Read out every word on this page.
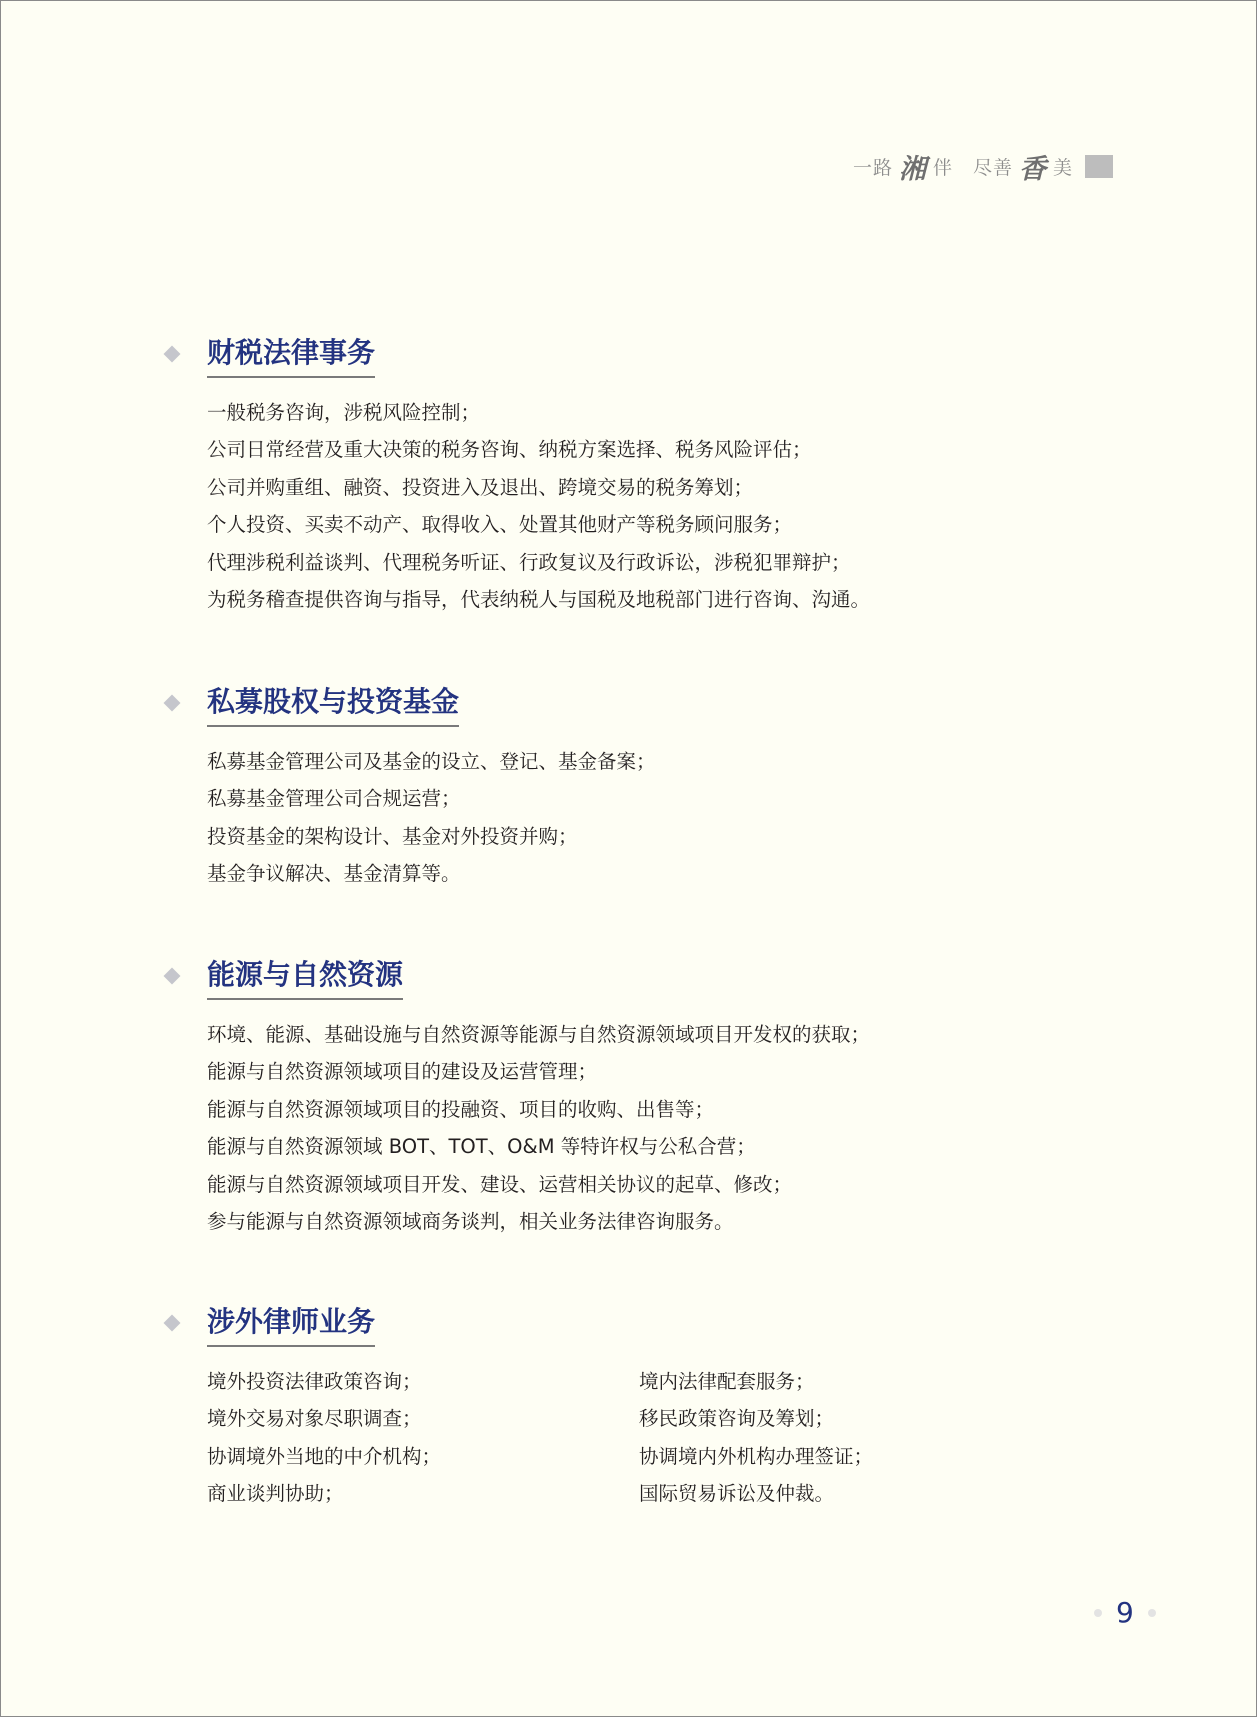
一路 湘 伴 尽善 香 美
财税法律事务
一般税务咨询，涉税风险控制；
公司日常经营及重大决策的税务咨询、纳税方案选择、税务风险评估；
公司并购重组、融资、投资进入及退出、跨境交易的税务筹划；
个人投资、买卖不动产、取得收入、处置其他财产等税务顾问服务；
代理涉税利益谈判、代理税务听证、行政复议及行政诉讼，涉税犯罪辩护；
为税务稽查提供咨询与指导，代表纳税人与国税及地税部门进行咨询、沟通。
私募股权与投资基金
私募基金管理公司及基金的设立、登记、基金备案；
私募基金管理公司合规运营；
投资基金的架构设计、基金对外投资并购；
基金争议解决、基金清算等。
能源与自然资源
环境、能源、基础设施与自然资源等能源与自然资源领域项目开发权的获取；
能源与自然资源领域项目的建设及运营管理；
能源与自然资源领域项目的投融资、项目的收购、出售等；
能源与自然资源领域 BOT、TOT、O&M 等特许权与公私合营；
能源与自然资源领域项目开发、建设、运营相关协议的起草、修改；
参与能源与自然资源领域商务谈判，相关业务法律咨询服务。
涉外律师业务
境外投资法律政策咨询；
境外交易对象尽职调查；
协调境外当地的中介机构；
商业谈判协助；
境内法律配套服务；
移民政策咨询及筹划；
协调境内外机构办理签证；
国际贸易诉讼及仲裁。
9
